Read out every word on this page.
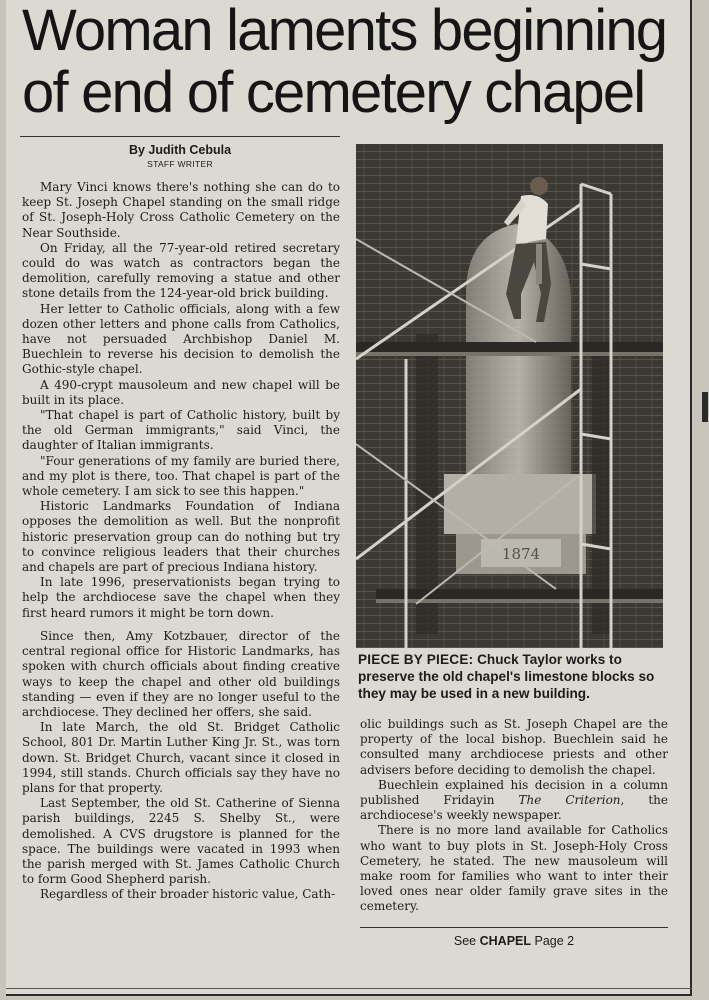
Woman laments beginning
of end of cemetery chapel
By Judith Cebula
STAFF WRITER

Mary Vinci knows there's nothing she can do to keep St. Joseph Chapel standing on the small ridge of St. Joseph-Holy Cross Catholic Cemetery on the Near Southside.

On Friday, all the 77-year-old retired secretary could do was watch as contractors began the demolition, carefully removing a statue and other stone details from the 124-year-old brick building.

Her letter to Catholic officials, along with a few dozen other letters and phone calls from Catholics, have not persuaded Archbishop Daniel M. Buechlein to reverse his decision to demolish the Gothic-style chapel.

A 490-crypt mausoleum and new chapel will be built in its place.

"That chapel is part of Catholic history, built by the old German immigrants," said Vinci, the daughter of Italian immigrants.

"Four generations of my family are buried there, and my plot is there, too. That chapel is part of the whole cemetery. I am sick to see this happen."

Historic Landmarks Foundation of Indiana opposes the demolition as well. But the nonprofit historic preservation group can do nothing but try to convince religious leaders that their churches and chapels are part of precious Indiana history.

In late 1996, preservationists began trying to help the archdiocese save the chapel when they first heard rumors it might be torn down.

Since then, Amy Kotzbauer, director of the central regional office for Historic Landmarks, has spoken with church officials about finding creative ways to keep the chapel and other old buildings standing — even if they are no longer useful to the archdiocese. They declined her offers, she said.

In late March, the old St. Bridget Catholic School, 801 Dr. Martin Luther King Jr. St., was torn down. St. Bridget Church, vacant since it closed in 1994, still stands. Church officials say they have no plans for that property.

Last September, the old St. Catherine of Sienna parish buildings, 2245 S. Shelby St., were demolished. A CVS drugstore is planned for the space. The buildings were vacated in 1993 when the parish merged with St. James Catholic Church to form Good Shepherd parish.

Regardless of their broader historic value, Cath-

1874
PIECE BY PIECE: Chuck Taylor works to preserve the old chapel's limestone blocks so they may be used in a new building.

olic buildings such as St. Joseph Chapel are the property of the local bishop. Buechlein said he consulted many archdiocese priests and other advisers before deciding to demolish the chapel.

Buechlein explained his decision in a column published Fridayin The Criterion, the archdiocese's weekly newspaper.

There is no more land available for Catholics who want to buy plots in St. Joseph-Holy Cross Cemetery, he stated. The new mausoleum will make room for families who want to inter their loved ones near older family grave sites in the cemetery.

See CHAPEL Page 2
